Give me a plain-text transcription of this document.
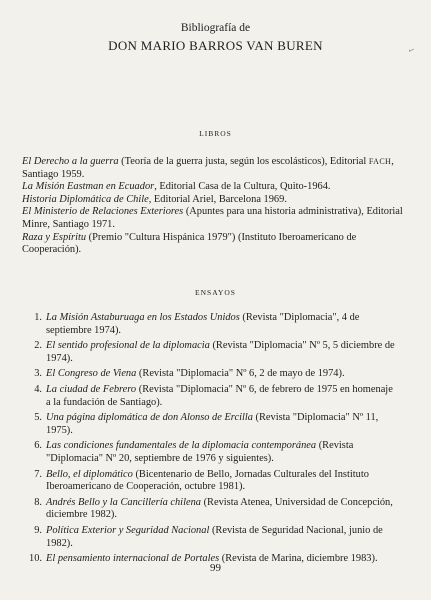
Bibliografía de
DON MARIO BARROS VAN BUREN	✓
LIBROS
El Derecho a la guerra (Teoría de la guerra justa, según los escolásticos), Editorial FACH, Santiago 1959.
La Misión Eastman en Ecuador, Editorial Casa de la Cultura, Quito-1964.
Historia Diplomática de Chile, Editorial Ariel, Barcelona 1969.
El Ministerio de Relaciones Exteriores (Apuntes para una historia administrativa), Editorial Minre, Santiago 1971.
Raza y Espíritu (Premio "Cultura Hispánica 1979") (Instituto Iberoamericano de Cooperación).
ENSAYOS
1. La Misión Astaburuaga en los Estados Unidos (Revista "Diplomacia", 4 de septiembre 1974).
2. El sentido profesional de la diplomacia (Revista "Diplomacia" Nº 5, 5 diciembre de 1974).
3. El Congreso de Viena (Revista "Diplomacia" Nº 6, 2 de mayo de 1974).
4. La ciudad de Febrero (Revista "Diplomacia" Nº 6, de febrero de 1975 en homenaje a la fundación de Santiago).
5. Una página diplomática de don Alonso de Ercilla (Revista "Diplomacia" Nº 11, 1975).
6. Las condiciones fundamentales de la diplomacia contemporánea (Revista "Diplomacia" Nº 20, septiembre de 1976 y siguientes).
7. Bello, el diplomático (Bicentenario de Bello, Jornadas Culturales del Instituto Iberoamericano de Cooperación, octubre 1981).
8. Andrés Bello y la Cancillería chilena (Revista Atenea, Universidad de Concepción, diciembre 1982).
9. Política Exterior y Seguridad Nacional (Revista de Seguridad Nacional, junio de 1982).
10. El pensamiento internacional de Portales (Revista de Marina, diciembre 1983).
99
